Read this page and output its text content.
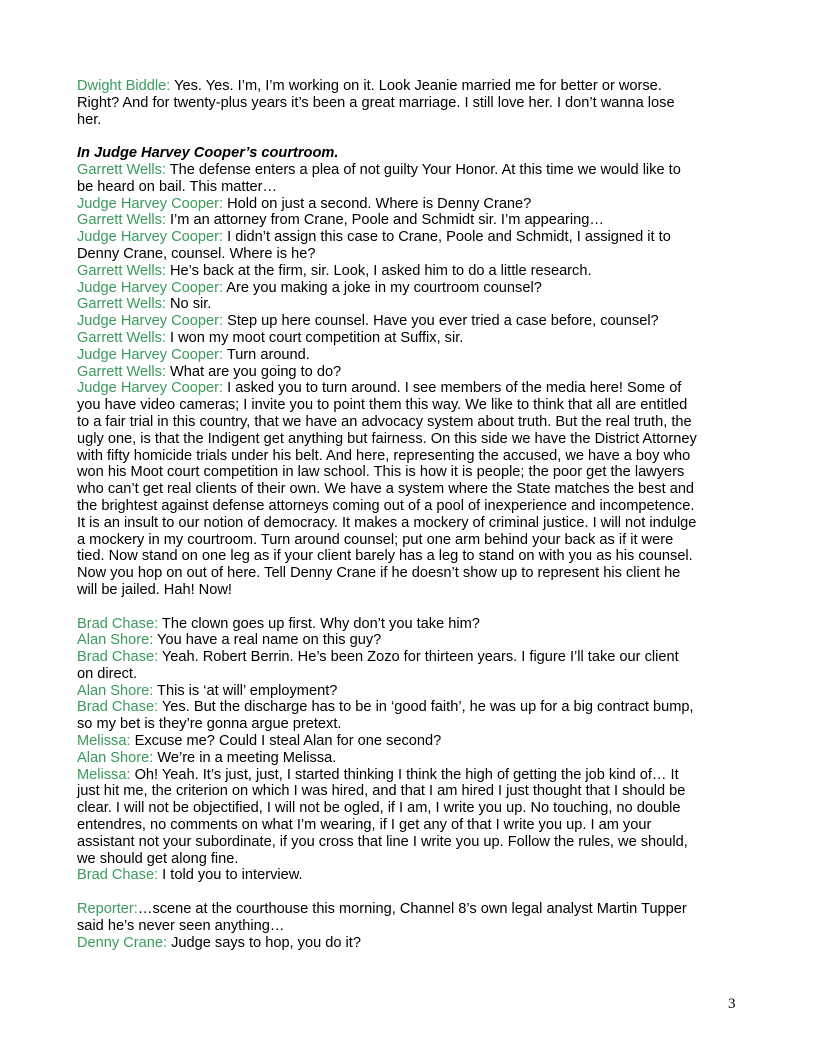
Dwight Biddle: Yes. Yes. I’m, I’m working on it. Look Jeanie married me for better or worse. Right? And for twenty-plus years it’s been a great marriage. I still love her. I don’t wanna lose her.
In Judge Harvey Cooper’s courtroom.
Garrett Wells: The defense enters a plea of not guilty Your Honor. At this time we would like to be heard on bail. This matter…
Judge Harvey Cooper: Hold on just a second. Where is Denny Crane?
Garrett Wells: I’m an attorney from Crane, Poole and Schmidt sir. I’m appearing…
Judge Harvey Cooper: I didn’t assign this case to Crane, Poole and Schmidt, I assigned it to Denny Crane, counsel. Where is he?
Garrett Wells: He’s back at the firm, sir. Look, I asked him to do a little research.
Judge Harvey Cooper: Are you making a joke in my courtroom counsel?
Garrett Wells: No sir.
Judge Harvey Cooper: Step up here counsel. Have you ever tried a case before, counsel?
Garrett Wells: I won my moot court competition at Suffix, sir.
Judge Harvey Cooper: Turn around.
Garrett Wells: What are you going to do?
Judge Harvey Cooper: I asked you to turn around. I see members of the media here! Some of you have video cameras; I invite you to point them this way. We like to think that all are entitled to a fair trial in this country, that we have an advocacy system about truth. But the real truth, the ugly one, is that the Indigent get anything but fairness. On this side we have the District Attorney with fifty homicide trials under his belt. And here, representing the accused, we have a boy who won his Moot court competition in law school. This is how it is people; the poor get the lawyers who can’t get real clients of their own. We have a system where the State matches the best and the brightest against defense attorneys coming out of a pool of inexperience and incompetence. It is an insult to our notion of democracy. It makes a mockery of criminal justice. I will not indulge a mockery in my courtroom. Turn around counsel; put one arm behind your back as if it were tied. Now stand on one leg as if your client barely has a leg to stand on with you as his counsel. Now you hop on out of here. Tell Denny Crane if he doesn’t show up to represent his client he will be jailed. Hah! Now!
Brad Chase: The clown goes up first. Why don’t you take him?
Alan Shore: You have a real name on this guy?
Brad Chase: Yeah. Robert Berrin. He’s been Zozo for thirteen years. I figure I’ll take our client on direct.
Alan Shore: This is ‘at will’ employment?
Brad Chase: Yes. But the discharge has to be in ‘good faith’, he was up for a big contract bump, so my bet is they’re gonna argue pretext.
Melissa: Excuse me? Could I steal Alan for one second?
Alan Shore: We’re in a meeting Melissa.
Melissa: Oh! Yeah. It’s just, just, I started thinking I think the high of getting the job kind of… It just hit me, the criterion on which I was hired, and that I am hired I just thought that I should be clear. I will not be objectified, I will not be ogled, if I am, I write you up. No touching, no double entendres, no comments on what I’m wearing, if I get any of that I write you up. I am your assistant not your subordinate, if you cross that line I write you up. Follow the rules, we should, we should get along fine.
Brad Chase: I told you to interview.
Reporter:…scene at the courthouse this morning, Channel 8’s own legal analyst Martin Tupper said he’s never seen anything…
Denny Crane: Judge says to hop, you do it?
3
